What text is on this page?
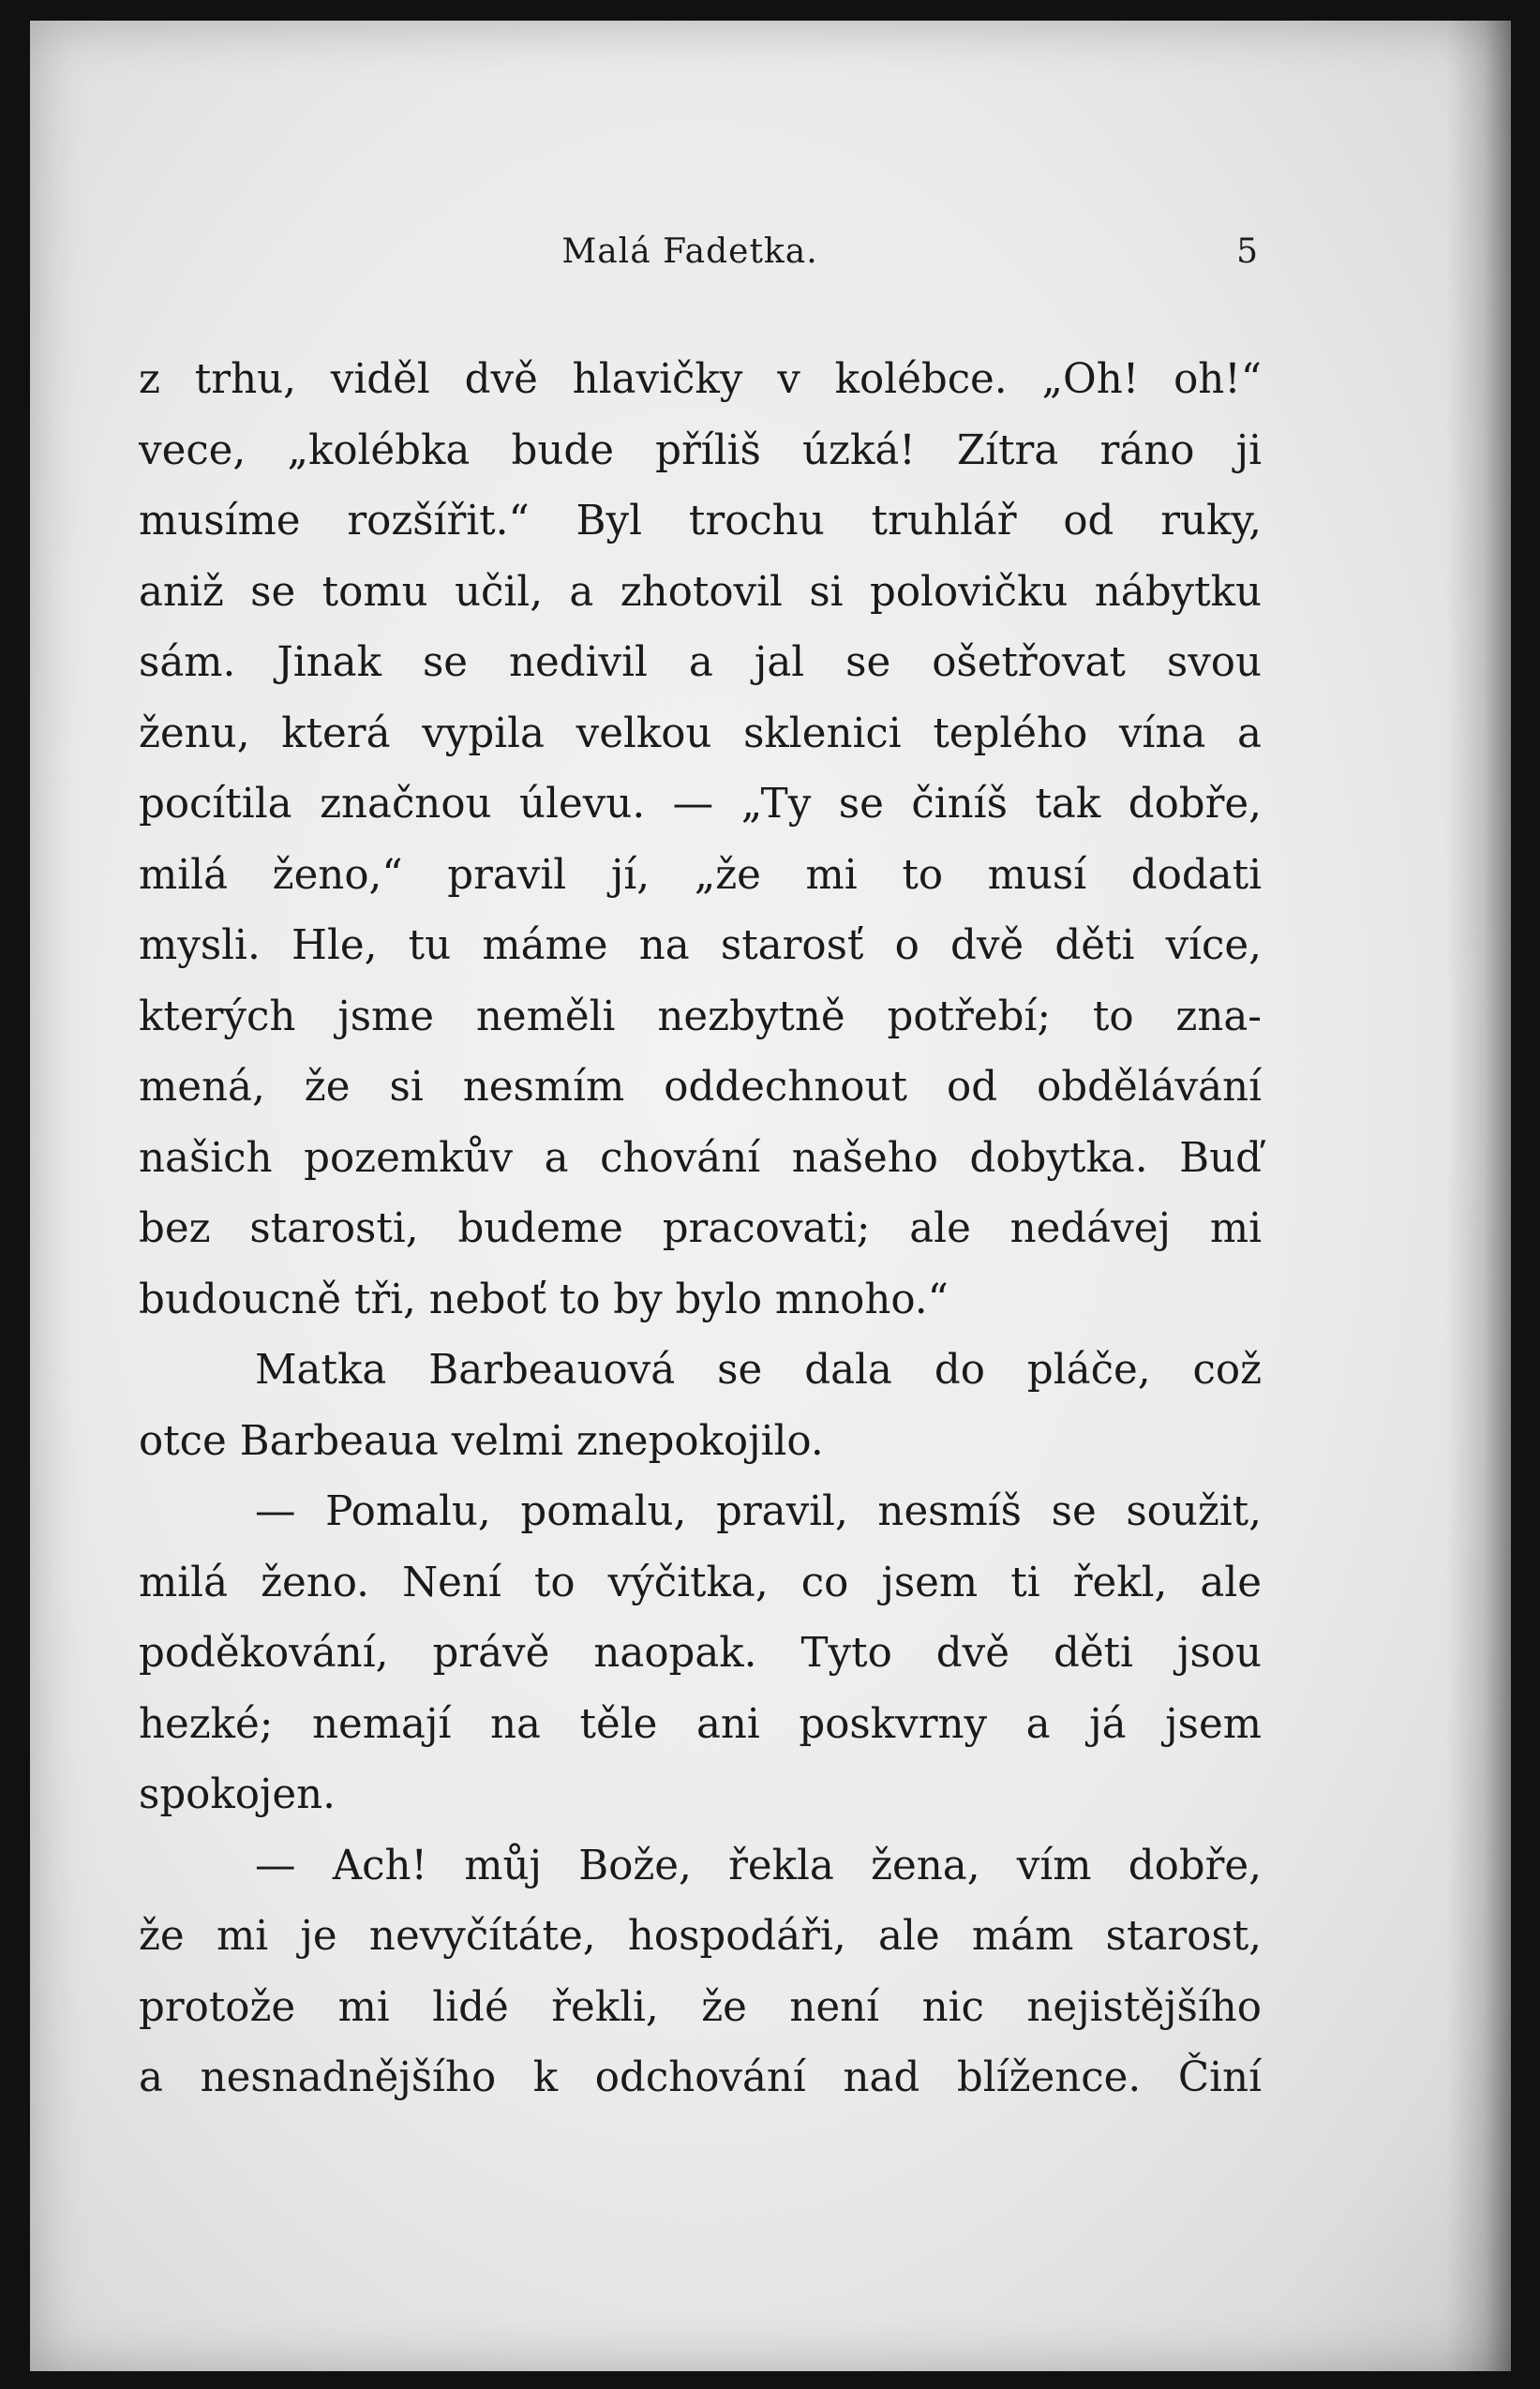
Malá Fadetka.	5
z trhu, viděl dvě hlavičky v kolébce. „Oh! oh!“
vece, „kolébka bude příliš úzká! Zítra ráno ji
musíme rozšířit.“ Byl trochu truhlář od ruky,
aniž se tomu učil, a zhotovil si polovičku nábytku
sám. Jinak se nedivil a jal se ošetřovat svou
ženu, která vypila velkou sklenici teplého vína a
pocítila značnou úlevu. — „Ty se činíš tak dobře,
milá ženo,“ pravil jí, „že mi to musí dodati
mysli. Hle, tu máme na starosť o dvě děti více,
kterých jsme neměli nezbytně potřebí; to zna-
mená, že si nesmím oddechnout od obdělávání
našich pozemkův a chování našeho dobytka. Buď
bez starosti, budeme pracovati; ale nedávej mi
budoucně tři, neboť to by bylo mnoho.“
Matka Barbeauová se dala do pláče, což
otce Barbeaua velmi znepokojilo.
— Pomalu, pomalu, pravil, nesmíš se soužit,
milá ženo. Není to výčitka, co jsem ti řekl, ale
poděkování, právě naopak. Tyto dvě děti jsou
hezké; nemají na těle ani poskvrny a já jsem
spokojen.
— Ach! můj Bože, řekla žena, vím dobře,
že mi je nevyčítáte, hospodáři, ale mám starost,
protože mi lidé řekli, že není nic nejistějšího
a nesnadnějšího k odchování nad blížence. Činí
